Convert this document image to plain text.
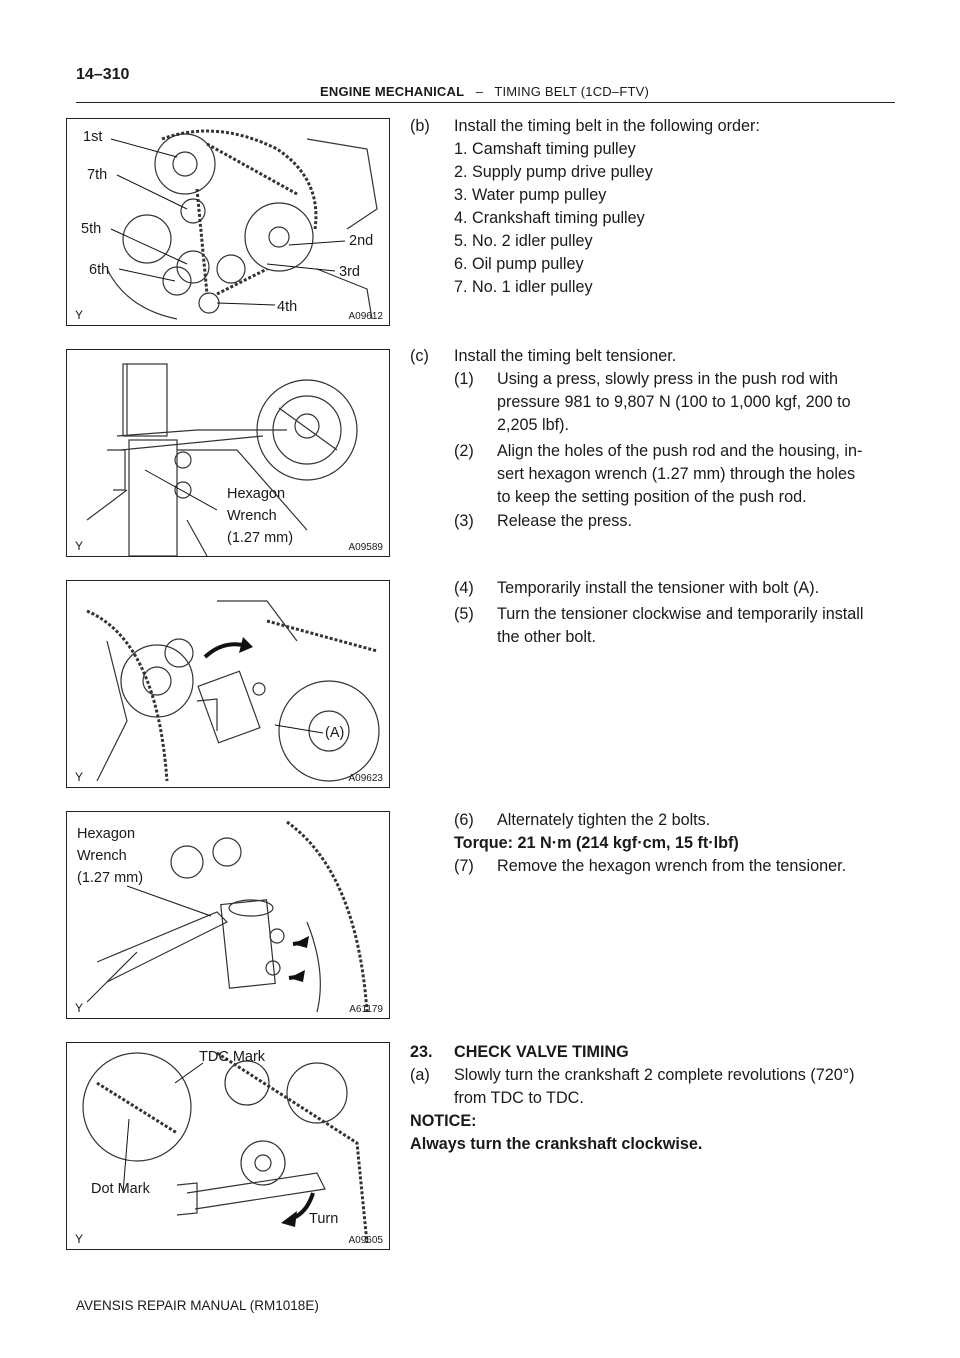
14–310
ENGINE MECHANICAL – TIMING BELT (1CD–FTV)
1st
7th
5th
6th
2nd
3rd
4th
Y	A09612
Hexagon
Wrench
(1.27 mm)
Y	A09589
(A)
Y	A09623
Hexagon
Wrench
(1.27 mm)
Y	A61179
TDC Mark
Dot Mark
Turn
Y	A09605
(b) Install the timing belt in the following order:
1. Camshaft timing pulley
2. Supply pump drive pulley
3. Water pump pulley
4. Crankshaft timing pulley
5. No. 2 idler pulley
6. Oil pump pulley
7. No. 1 idler pulley
(c) Install the timing belt tensioner.
(1) Using a press, slowly press in the push rod with
pressure 981 to 9,807 N (100 to 1,000 kgf, 200 to
2,205 lbf).
(2) Align the holes of the push rod and the housing, in-
sert hexagon wrench (1.27 mm) through the holes
to keep the setting position of the push rod.
(3) Release the press.
(4) Temporarily install the tensioner with bolt (A).
(5) Turn the tensioner clockwise and temporarily install
the other bolt.
(6) Alternately tighten the 2 bolts.
Torque: 21 N·m (214 kgf·cm, 15 ft·lbf)
(7) Remove the hexagon wrench from the tensioner.
23. CHECK VALVE TIMING
(a) Slowly turn the crankshaft 2 complete revolutions (720°)
from TDC to TDC.
NOTICE:
Always turn the crankshaft clockwise.
AVENSIS REPAIR MANUAL (RM1018E)
